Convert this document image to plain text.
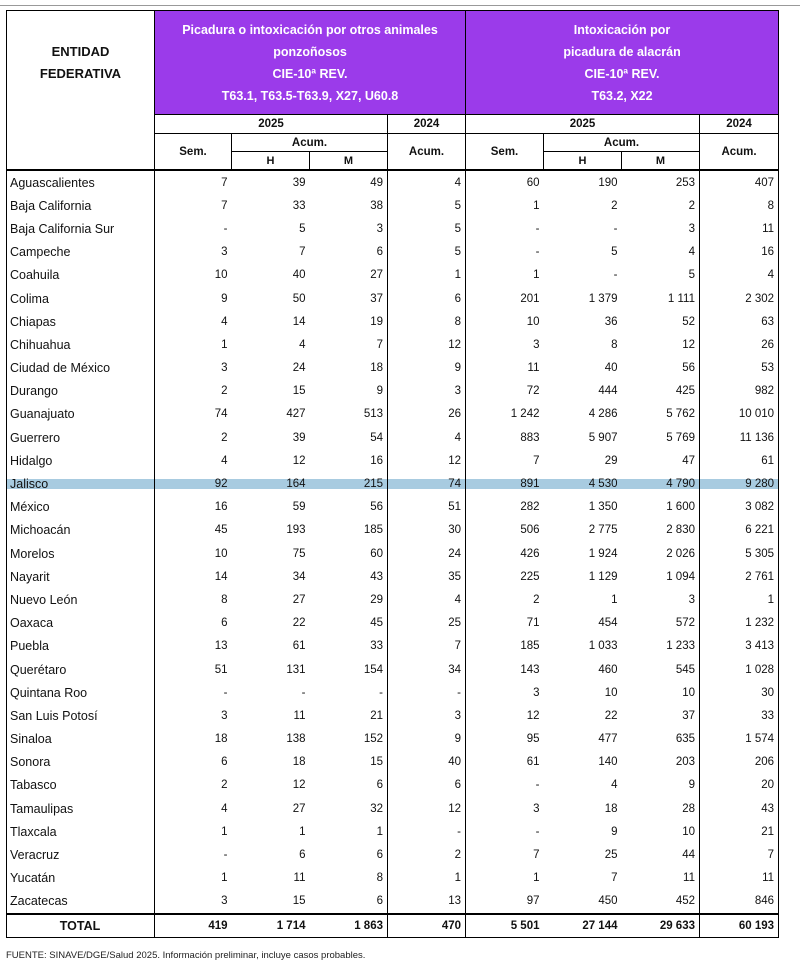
ENTIDAD
FEDERATIVA	Picadura o intoxicación por otros animales
ponzoñosos
CIE-10ª REV.
T63.1, T63.5-T63.9, X27, U60.8				Intoxicación por
picadura de alacrán
CIE-10ª REV.
T63.2, X22			
	2025			2024	2025			2024
	Sem.	Acum.		Acum.	Sem.	Acum.		Acum.
		H	M			H	M	
Aguascalientes	7	39	49	4	60	190	253	407
Baja California	7	33	38	5	1	2	2	8
Baja California Sur	-	5	3	5	-	-	3	11
Campeche	3	7	6	5	-	5	4	16
Coahuila	10	40	27	1	1	-	5	4
Colima	9	50	37	6	201	1 379	1 111	2 302
Chiapas	4	14	19	8	10	36	52	63
Chihuahua	1	4	7	12	3	8	12	26
Ciudad de México	3	24	18	9	11	40	56	53
Durango	2	15	9	3	72	444	425	982
Guanajuato	74	427	513	26	1 242	4 286	5 762	10 010
Guerrero	2	39	54	4	883	5 907	5 769	11 136
Hidalgo	4	12	16	12	7	29	47	61
Jalisco	92	164	215	74	891	4 530	4 790	9 280
México	16	59	56	51	282	1 350	1 600	3 082
Michoacán	45	193	185	30	506	2 775	2 830	6 221
Morelos	10	75	60	24	426	1 924	2 026	5 305
Nayarit	14	34	43	35	225	1 129	1 094	2 761
Nuevo León	8	27	29	4	2	1	3	1
Oaxaca	6	22	45	25	71	454	572	1 232
Puebla	13	61	33	7	185	1 033	1 233	3 413
Querétaro	51	131	154	34	143	460	545	1 028
Quintana Roo	-	-	-	-	3	10	10	30
San Luis Potosí	3	11	21	3	12	22	37	33
Sinaloa	18	138	152	9	95	477	635	1 574
Sonora	6	18	15	40	61	140	203	206
Tabasco	2	12	6	6	-	4	9	20
Tamaulipas	4	27	32	12	3	18	28	43
Tlaxcala	1	1	1	-	-	9	10	21
Veracruz	-	6	6	2	7	25	44	7
Yucatán	1	11	8	1	1	7	11	11
Zacatecas	3	15	6	13	97	450	452	846
TOTAL	419	1 714	1 863	470	5 501	27 144	29 633	60 193
FUENTE: SINAVE/DGE/Salud 2025. Información preliminar, incluye casos probables.
